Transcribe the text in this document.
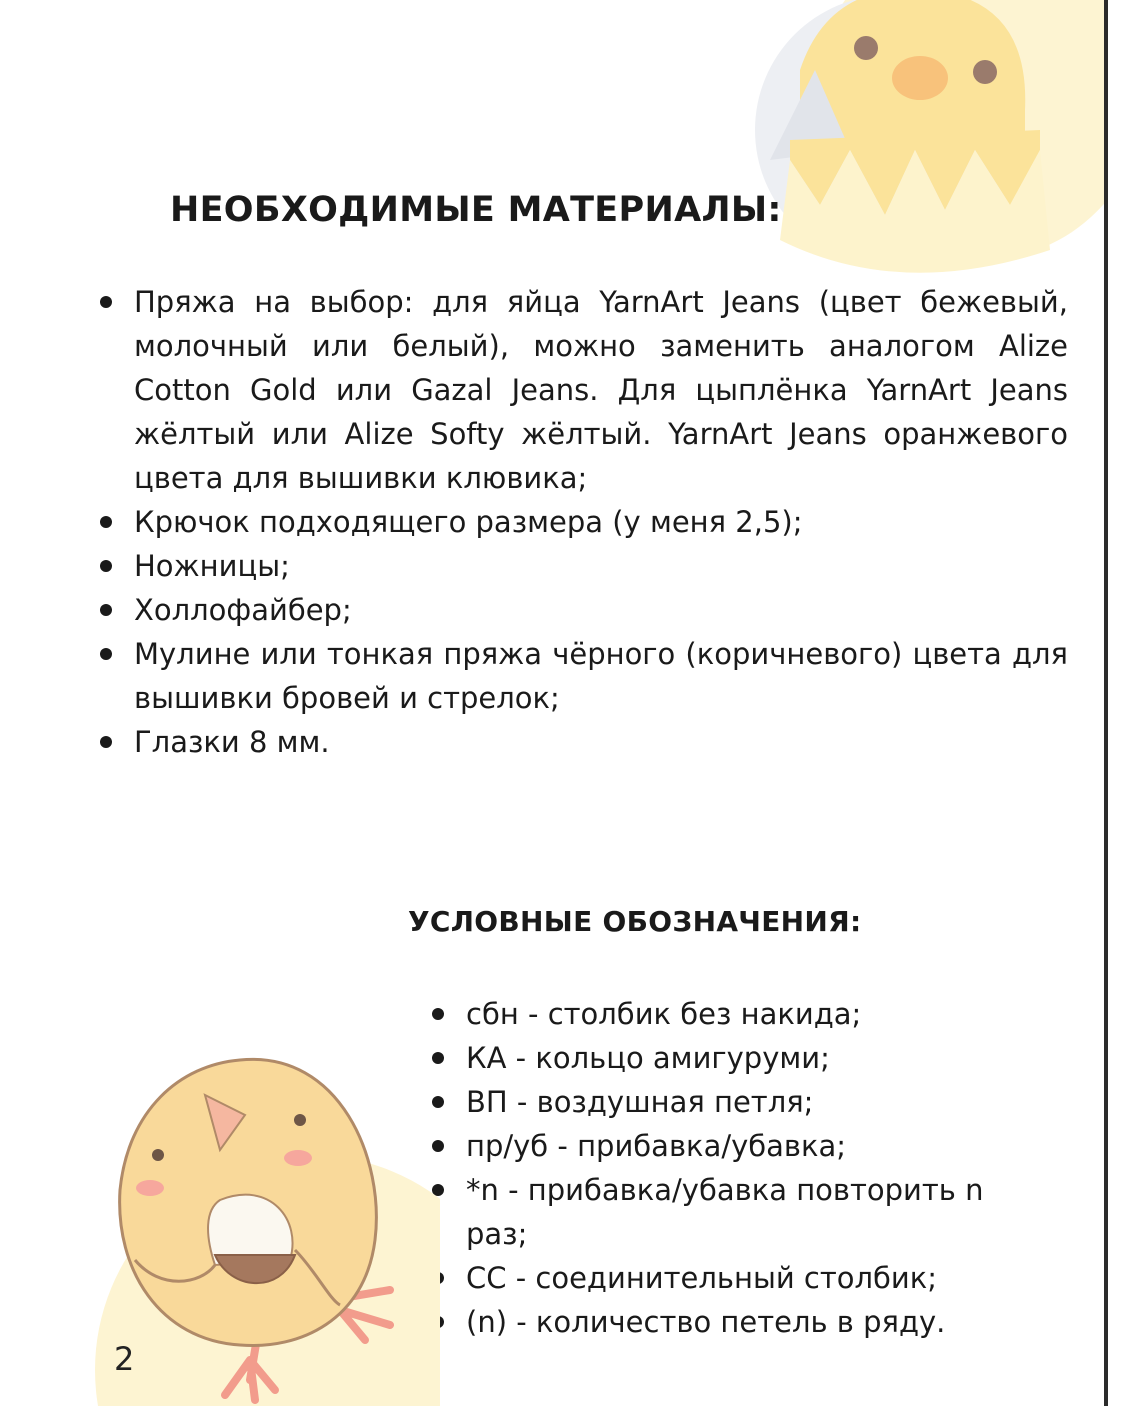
НЕОБХОДИМЫЕ МАТЕРИАЛЫ:
Пряжа на выбор: для яйца YarnArt Jeans (цвет бежевый, молочный или белый), можно заменить аналогом Alize Cotton Gold или Gazal Jeans. Для цыплёнка YarnArt Jeans жёлтый или Alize Softy жёлтый. YarnArt Jeans оранжевого цвета для вышивки клювика;
Крючок подходящего размера (у меня 2,5);
Ножницы;
Холлофайбер;
Мулине или тонкая пряжа чёрного (коричневого) цвета для вышивки бровей и стрелок;
Глазки 8 мм.
УСЛОВНЫЕ ОБОЗНАЧЕНИЯ:
сбн - столбик без накида;
КА - кольцо амигуруми;
ВП - воздушная петля;
пр/уб - прибавка/убавка;
*n - прибавка/убавка повторить n раз;
СС - соединительный столбик;
(n) - количество петель в ряду.
2
